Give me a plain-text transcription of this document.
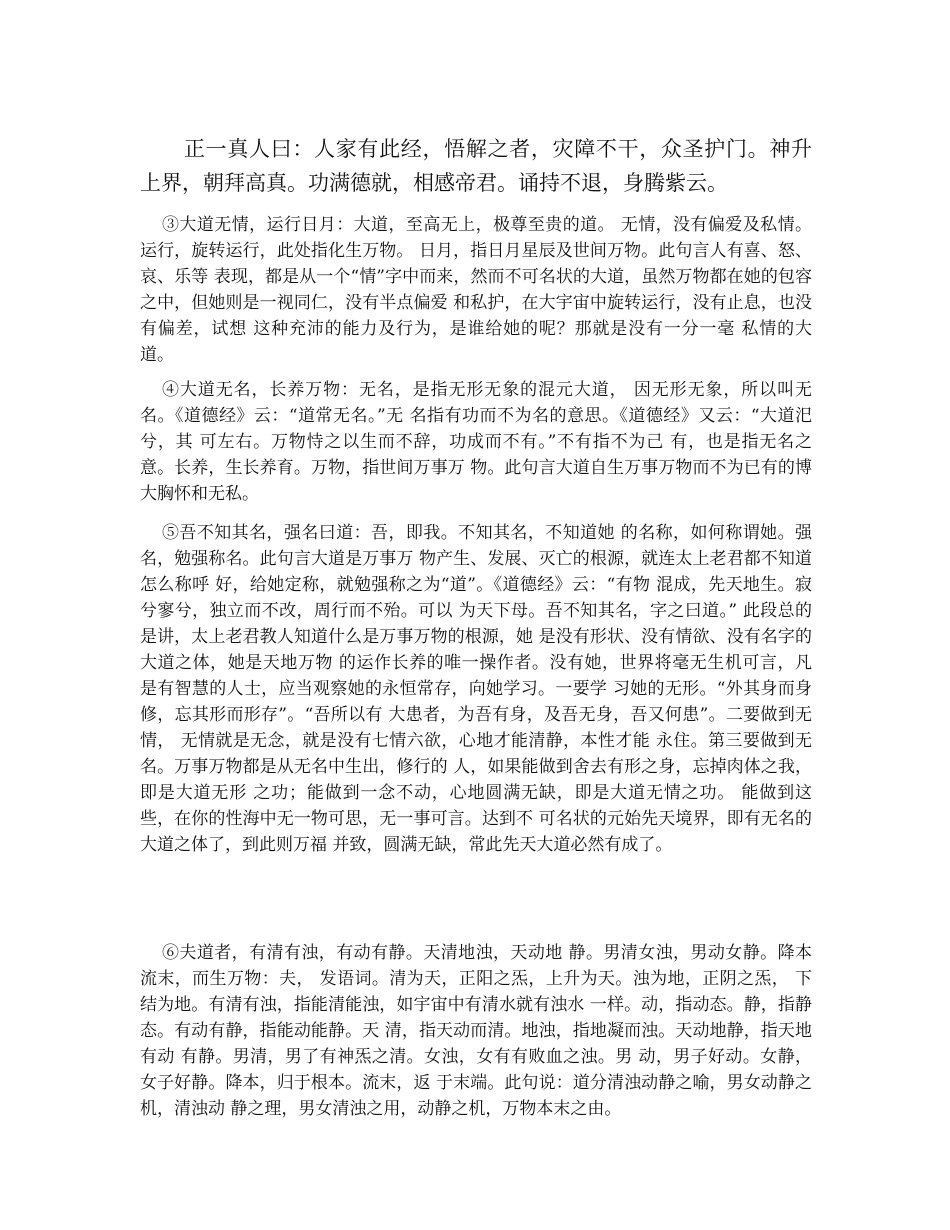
正一真人曰：人家有此经，悟解之者，灾障不干，众圣护门。神升上界，朝拜高真。功满德就，相感帝君。诵持不退，身腾紫云。

③大道无情，运行日月：大道，至高无上，极尊至贵的道。 无情，没有偏爱及私情。运行，旋转运行，此处指化生万物。 日月，指日月星辰及世间万物。此句言人有喜、怒、哀、乐等 表现，都是从一个“情”字中而来，然而不可名状的大道，虽然万物都在她的包容之中，但她则是一视同仁，没有半点偏爱 和私护，在大宇宙中旋转运行，没有止息，也没有偏差，试想 这种充沛的能力及行为，是谁给她的呢？那就是没有一分一毫 私情的大道。

④大道无名，长养万物：无名，是指无形无象的混元大道， 因无形无象，所以叫无名。《道德经》云：“道常无名。”无 名指有功而不为名的意思。《道德经》又云：“大道汜兮，其 可左右。万物恃之以生而不辞，功成而不有。”不有指不为己 有，也是指无名之意。长养，生长养育。万物，指世间万事万 物。此句言大道自生万事万物而不为已有的博大胸怀和无私。

⑤吾不知其名，强名曰道：吾，即我。不知其名，不知道她 的名称，如何称谓她。强名，勉强称名。此句言大道是万事万 物产生、发展、灭亡的根源，就连太上老君都不知道怎么称呼 好，给她定称，就勉强称之为“道”。《道德经》云：“有物 混成，先天地生。寂兮寥兮，独立而不改，周行而不殆。可以 为天下母。吾不知其名，字之曰道。” 此段总的是讲，太上老君教人知道什么是万事万物的根源，她 是没有形状、没有情欲、没有名字的大道之体，她是天地万物 的运作长养的唯一操作者。没有她，世界将毫无生机可言，凡 是有智慧的人士，应当观察她的永恒常存，向她学习。一要学 习她的无形。“外其身而身修，忘其形而形存”。“吾所以有 大患者，为吾有身，及吾无身，吾又何患”。二要做到无情， 无情就是无念，就是没有七情六欲，心地才能清静，本性才能 永住。第三要做到无名。万事万物都是从无名中生出，修行的 人，如果能做到舍去有形之身，忘掉肉体之我，即是大道无形 之功；能做到一念不动，心地圆满无缺，即是大道无情之功。 能做到这些，在你的性海中无一物可思，无一事可言。达到不 可名状的元始先天境界，即有无名的大道之体了，到此则万福 并致，圆满无缺，常此先天大道必然有成了。

⑥夫道者，有清有浊，有动有静。天清地浊，天动地 静。男清女浊，男动女静。降本流末，而生万物：夫， 发语词。清为天，正阳之炁，上升为天。浊为地，正阴之炁， 下结为地。有清有浊，指能清能浊，如宇宙中有清水就有浊水 一样。动，指动态。静，指静态。有动有静，指能动能静。天 清，指天动而清。地浊，指地凝而浊。天动地静，指天地有动 有静。男清，男了有神炁之清。女浊，女有有败血之浊。男 动，男子好动。女静，女子好静。降本，归于根本。流末，返 于末端。此句说：道分清浊动静之喻，男女动静之机，清浊动 静之理，男女清浊之用，动静之机，万物本末之由。
